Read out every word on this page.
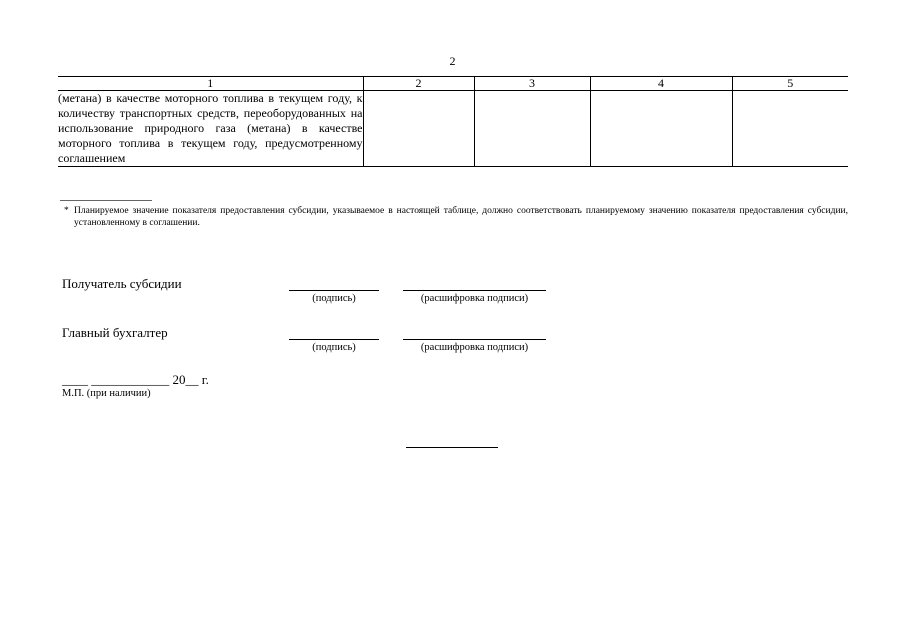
2
1	2	3	4	5
(метана) в качестве моторного топлива в текущем году, к количеству транспортных средств, переоборудованных на использование природного газа (метана) в качестве моторного топлива в текущем году, предусмотренному соглашением				
* Планируемое значение показателя предоставления субсидии, указываемое в настоящей таблице, должно соответствовать планируемому значению показателя предоставления субсидии, установленному в соглашении.
Получатель субсидии
(подпись)	(расшифровка подписи)
Главный бухгалтер
(подпись)	(расшифровка подписи)
____ ____________ 20__ г.
М.П. (при наличии)
